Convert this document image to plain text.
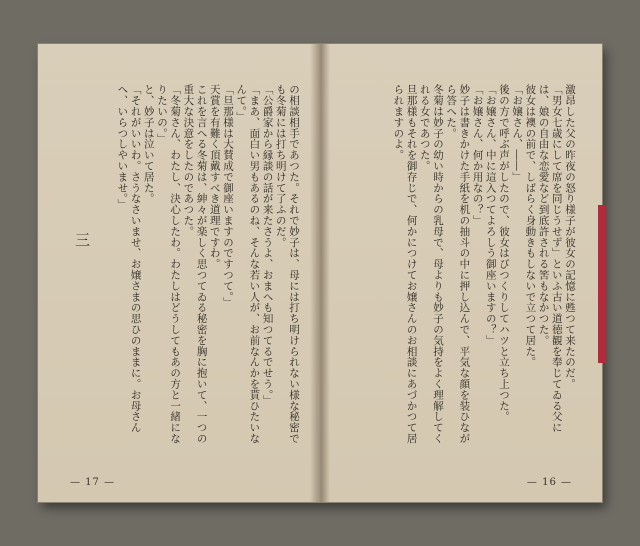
の相談相手であつた。それで妙子は、母には打ち明けられない様な秘密でも冬菊には打ち明けて了ふのだ。

「公爵家から縁談の話が来たさうよ、おまへも知つてるでせう。」

「まあ、面白い男もあるのね、そんな若い人が、お前なんかを貰ひたいなんて。」

「旦那様は大賛成で御座いますのですつて。」

天賞を有難く頂戴すべき道理ですわ。

これを言へる冬菊は、紳々が楽しく思つてゐる秘密を胸に抱いて、一つの重大な決意をしたのであつた。

「冬菊さん、わたし、決心したわ。わたしはどうしてもあの方と一緒になりたいの。」

と、妙子は泣いて居た。

「それがいいわ。さうなさいませ、お嬢さまの思ひのままに。お母さんへ、いらつしやいませ。」

三
— 17 —

激昂した父の昨夜の怒り様子が彼女の記憶に甦つて来たのだ。

「男女七歳にして席を同じうせず」といふ古い道徳観を奉じてゐる父には、娘の自由な恋愛など到底許される筈もなかつた。

彼女は襖の前で、しばらく身動きもしないで立つて居た。

「お嬢さん、――」

後の方で呼ぶ声がしたので、彼女はびつくりしてハツと立ち上つた。

「お嬢さん、中に這入つてよろしう御座いますの？」

「お嬢さん、何か用なの？」

妙子は書きかけた手紙を机の抽斗の中に押し込んで、平気な顔を装ひながら答へた。

冬菊は妙子の幼い時からの乳母で、母よりも妙子の気持をよく理解してくれる女であつた。

旦那様もそれを御存じで、何かにつけてお嬢さんのお相談にあづかつて居られますのよ。

— 16 —
